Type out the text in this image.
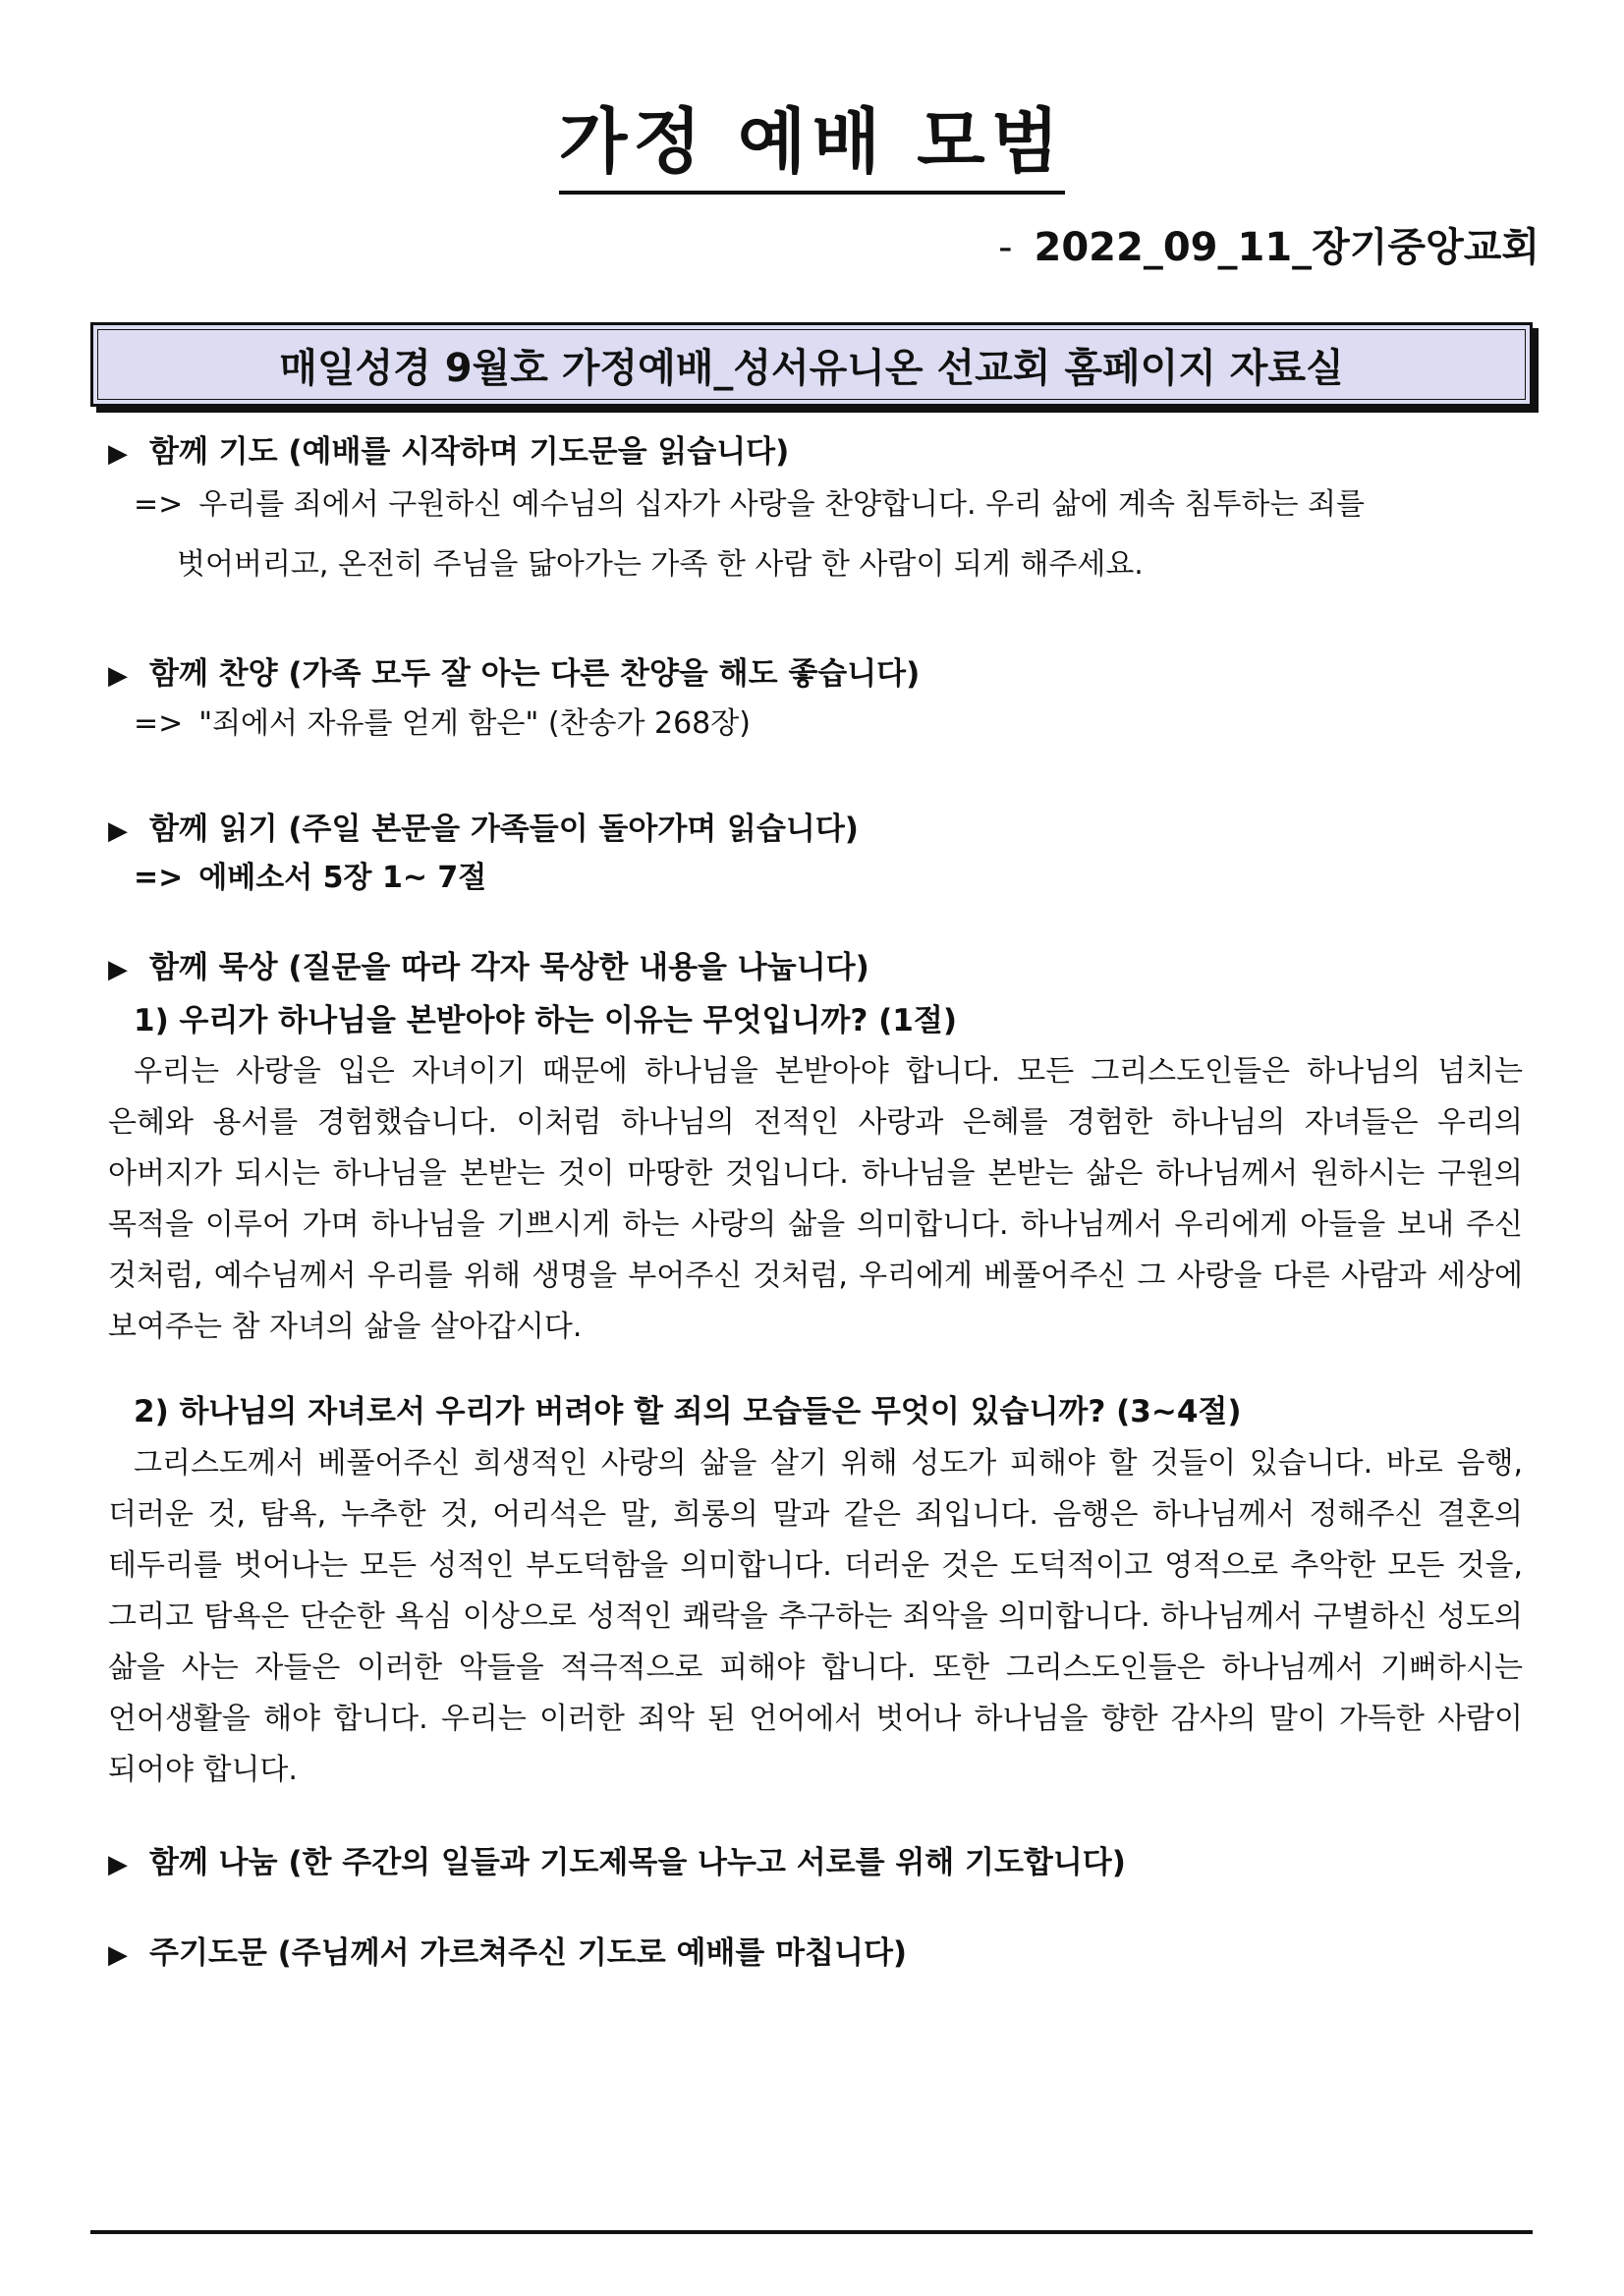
가정 예배 모범
- 2022_09_11_장기중앙교회
매일성경 9월호 가정예배_성서유니온 선교회 홈페이지 자료실
▶ 함께 기도 (예배를 시작하며 기도문을 읽습니다)
=> 우리를 죄에서 구원하신 예수님의 십자가 사랑을 찬양합니다. 우리 삶에 계속 침투하는 죄를
벗어버리고, 온전히 주님을 닮아가는 가족 한 사람 한 사람이 되게 해주세요.
▶ 함께 찬양 (가족 모두 잘 아는 다른 찬양을 해도 좋습니다)
=> "죄에서 자유를 얻게 함은" (찬송가 268장)
▶ 함께 읽기 (주일 본문을 가족들이 돌아가며 읽습니다)
=> 에베소서 5장 1~ 7절
▶ 함께 묵상 (질문을 따라 각자 묵상한 내용을 나눕니다)
1) 우리가 하나님을 본받아야 하는 이유는 무엇입니까? (1절)

우리는 사랑을 입은 자녀이기 때문에 하나님을 본받아야 합니다. 모든 그리스도인들은 하나님의 넘치는 은혜와 용서를 경험했습니다. 이처럼 하나님의 전적인 사랑과 은혜를 경험한 하나님의 자녀들은 우리의 아버지가 되시는 하나님을 본받는 것이 마땅한 것입니다. 하나님을 본받는 삶은 하나님께서 원하시는 구원의 목적을 이루어 가며 하나님을 기쁘시게 하는 사랑의 삶을 의미합니다. 하나님께서 우리에게 아들을 보내 주신 것처럼, 예수님께서 우리를 위해 생명을 부어주신 것처럼, 우리에게 베풀어주신 그 사랑을 다른 사람과 세상에 보여주는 참 자녀의 삶을 살아갑시다.

2) 하나님의 자녀로서 우리가 버려야 할 죄의 모습들은 무엇이 있습니까? (3~4절)

그리스도께서 베풀어주신 희생적인 사랑의 삶을 살기 위해 성도가 피해야 할 것들이 있습니다. 바로 음행, 더러운 것, 탐욕, 누추한 것, 어리석은 말, 희롱의 말과 같은 죄입니다. 음행은 하나님께서 정해주신 결혼의 테두리를 벗어나는 모든 성적인 부도덕함을 의미합니다. 더러운 것은 도덕적이고 영적으로 추악한 모든 것을, 그리고 탐욕은 단순한 욕심 이상으로 성적인 쾌락을 추구하는 죄악을 의미합니다. 하나님께서 구별하신 성도의 삶을 사는 자들은 이러한 악들을 적극적으로 피해야 합니다. 또한 그리스도인들은 하나님께서 기뻐하시는 언어생활을 해야 합니다. 우리는 이러한 죄악 된 언어에서 벗어나 하나님을 향한 감사의 말이 가득한 사람이 되어야 합니다.

▶ 함께 나눔 (한 주간의 일들과 기도제목을 나누고 서로를 위해 기도합니다)
▶ 주기도문 (주님께서 가르쳐주신 기도로 예배를 마칩니다)
